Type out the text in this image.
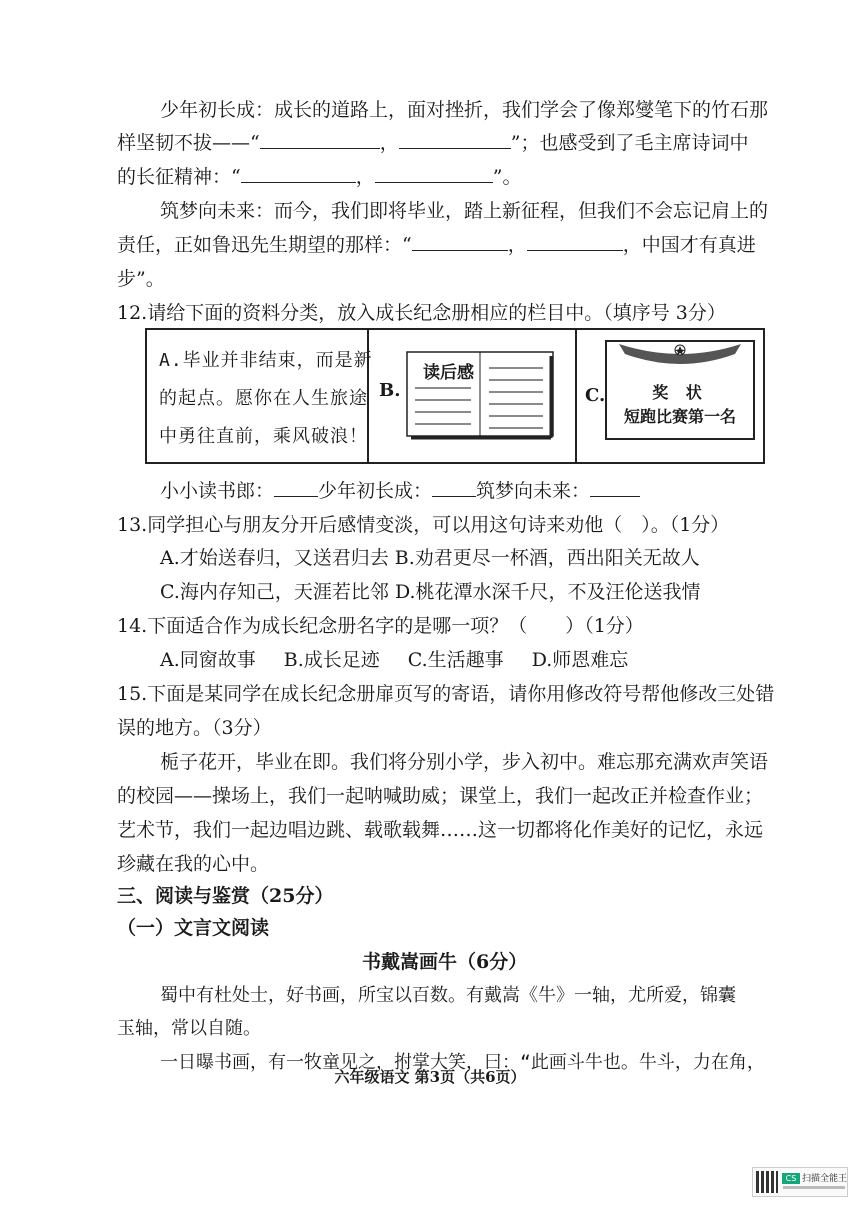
少年初长成：成长的道路上，面对挫折，我们学会了像郑燮笔下的竹石那
样坚韧不拔——“	，	”；也感受到了毛主席诗词中
的长征精神：“	，	”。
筑梦向未来：而今，我们即将毕业，踏上新征程，但我们不会忘记肩上的
责任，正如鲁迅先生期望的那样：“	，	，中国才有真进
步”。
12.请给下面的资料分类，放入成长纪念册相应的栏目中。（填序号 3分）
A.毕业并非结束，而是新
的起点。愿你在人生旅途
中勇往直前，乘风破浪！
B.
读后感
C.	奖 状
短跑比赛第一名
小小读书郎： 少年初长成： 筑梦向未来：
13.同学担心与朋友分开后感情变淡，可以用这句诗来劝他（　）。（1分）
A.才始送春归，又送君归去 B.劝君更尽一杯酒，西出阳关无故人
C.海内存知己，天涯若比邻 D.桃花潭水深千尺，不及汪伦送我情
14.下面适合作为成长纪念册名字的是哪一项？（　　）（1分）
A.同窗故事 B.成长足迹 C.生活趣事 D.师恩难忘
15.下面是某同学在成长纪念册扉页写的寄语，请你用修改符号帮他修改三处错
误的地方。（3分）
栀子花开，毕业在即。我们将分别小学，步入初中。难忘那充满欢声笑语
的校园——操场上，我们一起呐喊助威；课堂上，我们一起改正并检查作业；
艺术节，我们一起边唱边跳、载歌载舞……这一切都将化作美好的记忆，永远
珍藏在我的心中。
三、阅读与鉴赏（25分）
（一）文言文阅读
书戴嵩画牛（6分）
蜀中有杜处士，好书画，所宝以百数。有戴嵩《牛》一轴，尤所爱，锦囊
玉轴，常以自随。
一日曝书画，有一牧童见之，拊掌大笑，曰：“此画斗牛也。牛斗，力在角，
六年级语文 第3页（共6页）
CS 扫描全能王
